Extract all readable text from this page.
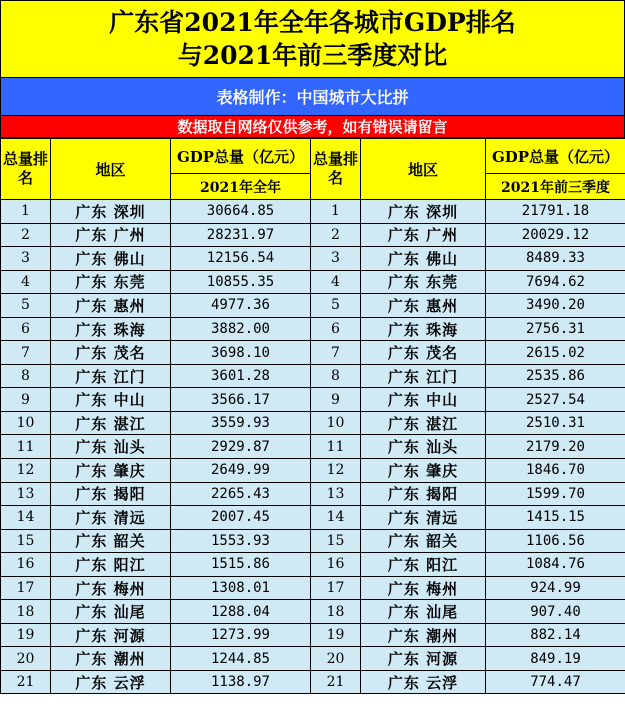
广东省2021年全年各城市GDP排名
与2021年前三季度对比
表格制作：中国城市大比拼
数据取自网络仅供参考，如有错误请留言
总量排名	地区	GDP总量（亿元）	总量排名	地区	GDP总量（亿元）
		2021年全年			2021年前三季度
1	广东 深圳	30664.85	1	广东 深圳	21791.18
2	广东 广州	28231.97	2	广东 广州	20029.12
3	广东 佛山	12156.54	3	广东 佛山	8489.33
4	广东 东莞	10855.35	4	广东 东莞	7694.62
5	广东 惠州	4977.36	5	广东 惠州	3490.20
6	广东 珠海	3882.00	6	广东 珠海	2756.31
7	广东 茂名	3698.10	7	广东 茂名	2615.02
8	广东 江门	3601.28	8	广东 江门	2535.86
9	广东 中山	3566.17	9	广东 中山	2527.54
10	广东 湛江	3559.93	10	广东 湛江	2510.31
11	广东 汕头	2929.87	11	广东 汕头	2179.20
12	广东 肇庆	2649.99	12	广东 肇庆	1846.70
13	广东 揭阳	2265.43	13	广东 揭阳	1599.70
14	广东 清远	2007.45	14	广东 清远	1415.15
15	广东 韶关	1553.93	15	广东 韶关	1106.56
16	广东 阳江	1515.86	16	广东 阳江	1084.76
17	广东 梅州	1308.01	17	广东 梅州	924.99
18	广东 汕尾	1288.04	18	广东 汕尾	907.40
19	广东 河源	1273.99	19	广东 潮州	882.14
20	广东 潮州	1244.85	20	广东 河源	849.19
21	广东 云浮	1138.97	21	广东 云浮	774.47
